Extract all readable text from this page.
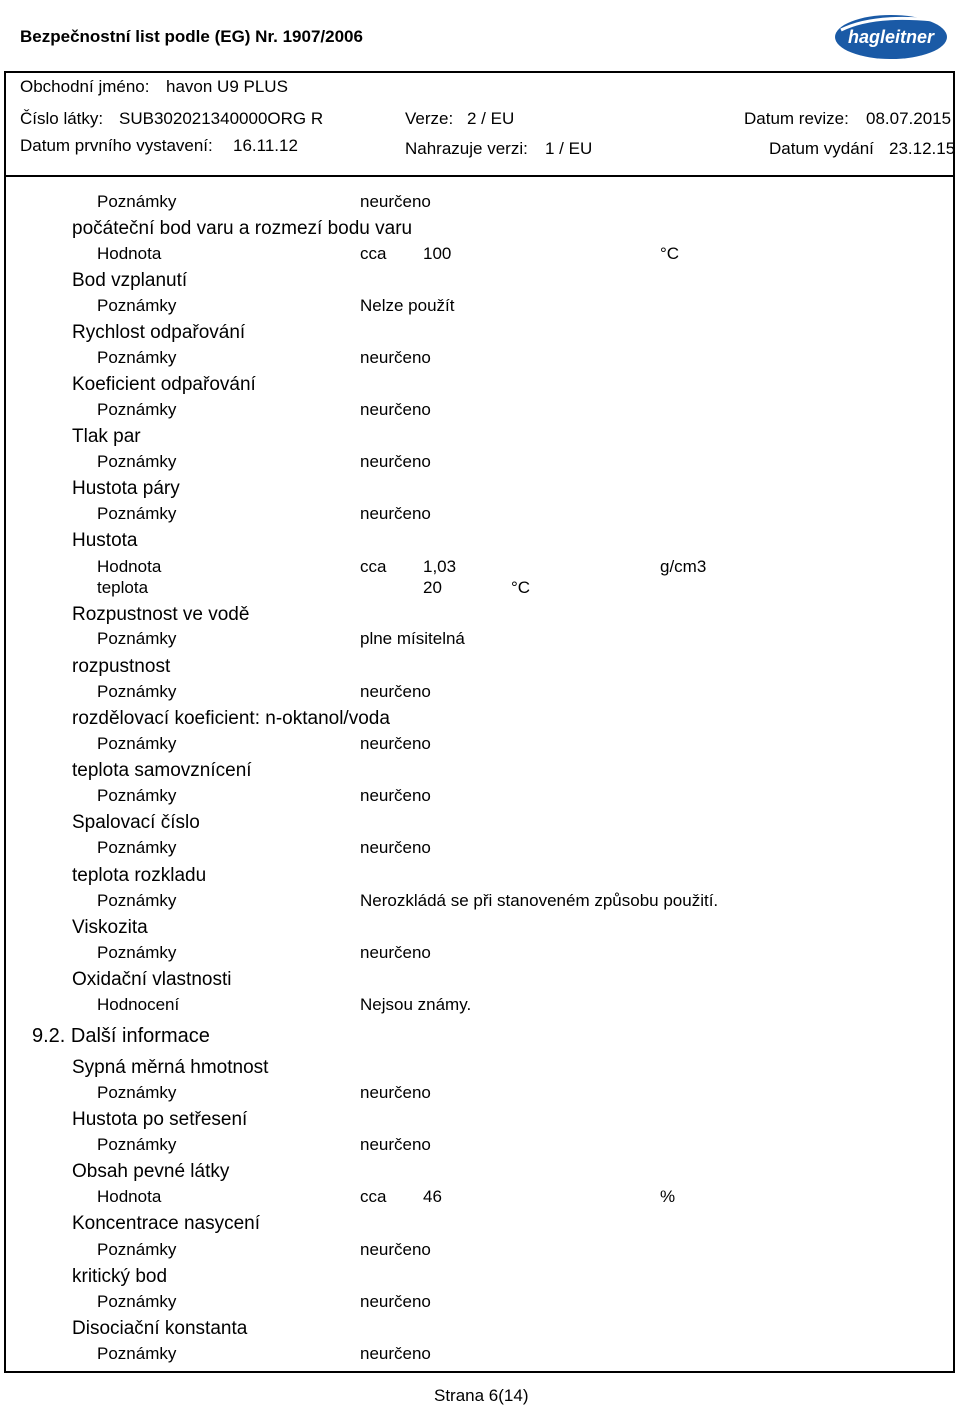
Bezpečnostní list podle (EG) Nr. 1907/2006	hagleitner
Obchodní jméno: havon U9 PLUS
Číslo látky: SUB302021340000ORG R	Verze: 2 / EU	Datum revize: 08.07.2015
Datum prvního vystavení: 16.11.12	Nahrazuje verzi: 1 / EU	Datum vydání 23.12.15
Poznámky	neurčeno
počáteční bod varu a rozmezí bodu varu
Hodnota	cca 100	°C
Bod vzplanutí
Poznámky	Nelze použít
Rychlost odpařování
Poznámky	neurčeno
Koeficient odpařování
Poznámky	neurčeno
Tlak par
Poznámky	neurčeno
Hustota páry
Poznámky	neurčeno
Hustota
Hodnota	cca 1,03	g/cm3
teplota	20	°C
Rozpustnost ve vodě
Poznámky	plne mísitelná
rozpustnost
Poznámky	neurčeno
rozdělovací koeficient: n-oktanol/voda
Poznámky	neurčeno
teplota samovznícení
Poznámky	neurčeno
Spalovací číslo
Poznámky	neurčeno
teplota rozkladu
Poznámky	Nerozkládá se při stanoveném způsobu použití.
Viskozita
Poznámky	neurčeno
Oxidační vlastnosti
Hodnocení	Nejsou známy.
9.2. Další informace
Sypná měrná hmotnost
Poznámky	neurčeno
Hustota po setřesení
Poznámky	neurčeno
Obsah pevné látky
Hodnota	cca 46	%
Koncentrace nasycení
Poznámky	neurčeno
kritický bod
Poznámky	neurčeno
Disociační konstanta
Poznámky	neurčeno
Strana 6(14)
